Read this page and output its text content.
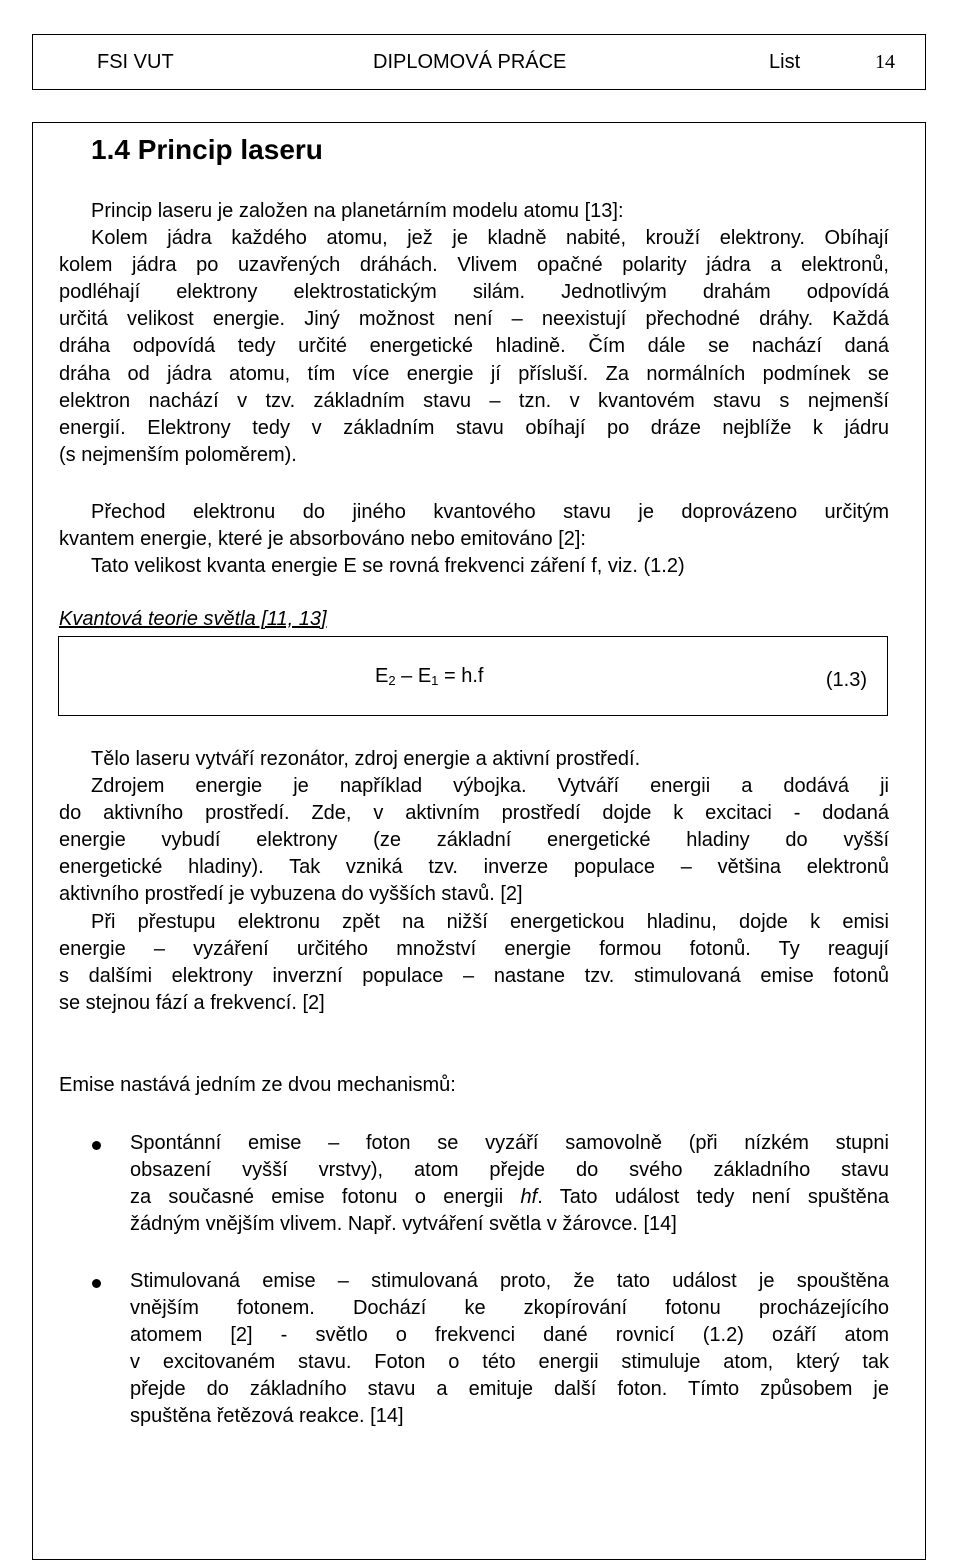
FSI VUT	DIPLOMOVÁ PRÁCE	List	14
1.4 Princip laseru
Princip laseru je založen na planetárním modelu atomu [13]:
Kolem jádra každého atomu, jež je kladně nabité, krouží elektrony. Obíhají
kolem jádra po uzavřených dráhách. Vlivem opačné polarity jádra a elektronů,
podléhají elektrony elektrostatickým silám. Jednotlivým drahám odpovídá
určitá velikost energie. Jiný možnost není – neexistují přechodné dráhy. Každá
dráha odpovídá tedy určité energetické hladině. Čím dále se nachází daná
dráha od jádra atomu, tím více energie jí přísluší. Za normálních podmínek se
elektron nachází v tzv. základním stavu – tzn. v kvantovém stavu s nejmenší
energií. Elektrony tedy v základním stavu obíhají po dráze nejblíže k jádru
(s nejmenším poloměrem).
Přechod elektronu do jiného kvantového stavu je doprovázeno určitým
kvantem energie, které je absorbováno nebo emitováno [2]:
Tato velikost kvanta energie E se rovná frekvenci záření f, viz. (1.2)
Kvantová teorie světla [11, 13]
$E_2 - E_1 = h.f$	(1.3)
Tělo laseru vytváří rezonátor, zdroj energie a aktivní prostředí.
Zdrojem energie je například výbojka. Vytváří energii a dodává ji
do aktivního prostředí. Zde, v aktivním prostředí dojde k excitaci - dodaná
energie vybudí elektrony (ze základní energetické hladiny do vyšší
energetické hladiny). Tak vzniká tzv. inverze populace – většina elektronů
aktivního prostředí je vybuzena do vyšších stavů. [2]
Při přestupu elektronu zpět na nižší energetickou hladinu, dojde k emisi
energie – vyzáření určitého množství energie formou fotonů. Ty reagují
s dalšími elektrony inverzní populace – nastane tzv. stimulovaná emise fotonů
se stejnou fází a frekvencí. [2]
Emise nastává jedním ze dvou mechanismů:
Spontánní emise – foton se vyzáří samovolně (při nízkém stupni
obsazení vyšší vrstvy), atom přejde do svého základního stavu
za současné emise fotonu o energii hf. Tato událost tedy není spuštěna
žádným vnějším vlivem. Např. vytváření světla v žárovce. [14]
Stimulovaná emise – stimulovaná proto, že tato událost je spouštěna
vnějším fotonem. Dochází ke zkopírování fotonu procházejícího
atomem [2] - světlo o frekvenci dané rovnicí (1.2) ozáří atom
v excitovaném stavu. Foton o této energii stimuluje atom, který tak
přejde do základního stavu a emituje další foton. Tímto způsobem je
spuštěna řetězová reakce. [14]
